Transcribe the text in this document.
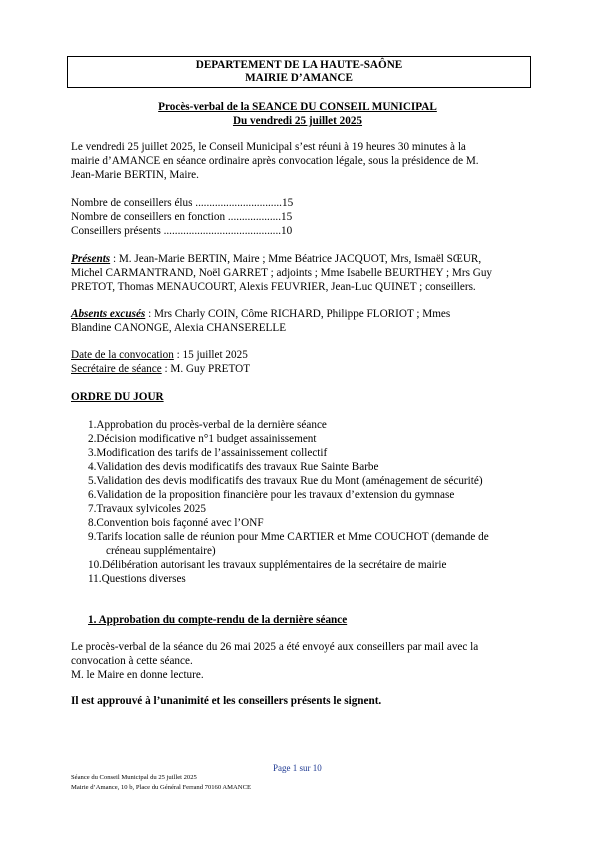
DEPARTEMENT DE LA HAUTE-SAÔNE
MAIRIE D’AMANCE
Procès-verbal de la SEANCE DU CONSEIL MUNICIPAL
Du vendredi 25 juillet 2025
Le vendredi 25 juillet 2025, le Conseil Municipal s’est réuni à 19 heures 30 minutes à la
mairie d’AMANCE en séance ordinaire après convocation légale, sous la présidence de M.
Jean-Marie BERTIN, Maire.
Nombre de conseillers élus ...............................15
Nombre de conseillers en fonction ...................15
Conseillers présents ..........................................10
Présents : M. Jean-Marie BERTIN, Maire ; Mme Béatrice JACQUOT, Mrs, Ismaël SŒUR,
Michel CARMANTRAND, Noël GARRET ; adjoints ; Mme Isabelle BEURTHEY ; Mrs Guy
PRETOT, Thomas MENAUCOURT, Alexis FEUVRIER, Jean-Luc QUINET ; conseillers.
Absents excusés : Mrs Charly COIN, Côme RICHARD, Philippe FLORIOT ; Mmes
Blandine CANONGE, Alexia CHANSERELLE
Date de la convocation : 15 juillet 2025
Secrétaire de séance : M. Guy PRETOT
ORDRE DU JOUR
1.Approbation du procès-verbal de la dernière séance
2.Décision modificative n°1 budget assainissement
3.Modification des tarifs de l’assainissement collectif
4.Validation des devis modificatifs des travaux Rue Sainte Barbe
5.Validation des devis modificatifs des travaux Rue du Mont (aménagement de sécurité)
6.Validation de la proposition financière pour les travaux d’extension du gymnase
7.Travaux sylvicoles 2025
8.Convention bois façonné avec l’ONF
9.Tarifs location salle de réunion pour Mme CARTIER et Mme COUCHOT (demande de
créneau supplémentaire)
10.Délibération autorisant les travaux supplémentaires de la secrétaire de mairie
11.Questions diverses
1. Approbation du compte-rendu de la dernière séance
Le procès-verbal de la séance du 26 mai 2025 a été envoyé aux conseillers par mail avec la
convocation à cette séance.
M. le Maire en donne lecture.
Il est approuvé à l’unanimité et les conseillers présents le signent.
Page 1 sur 10
Séance du Conseil Municipal du 25 juillet 2025
Mairie d’Amance, 10 b, Place du Général Ferrand 70160 AMANCE
